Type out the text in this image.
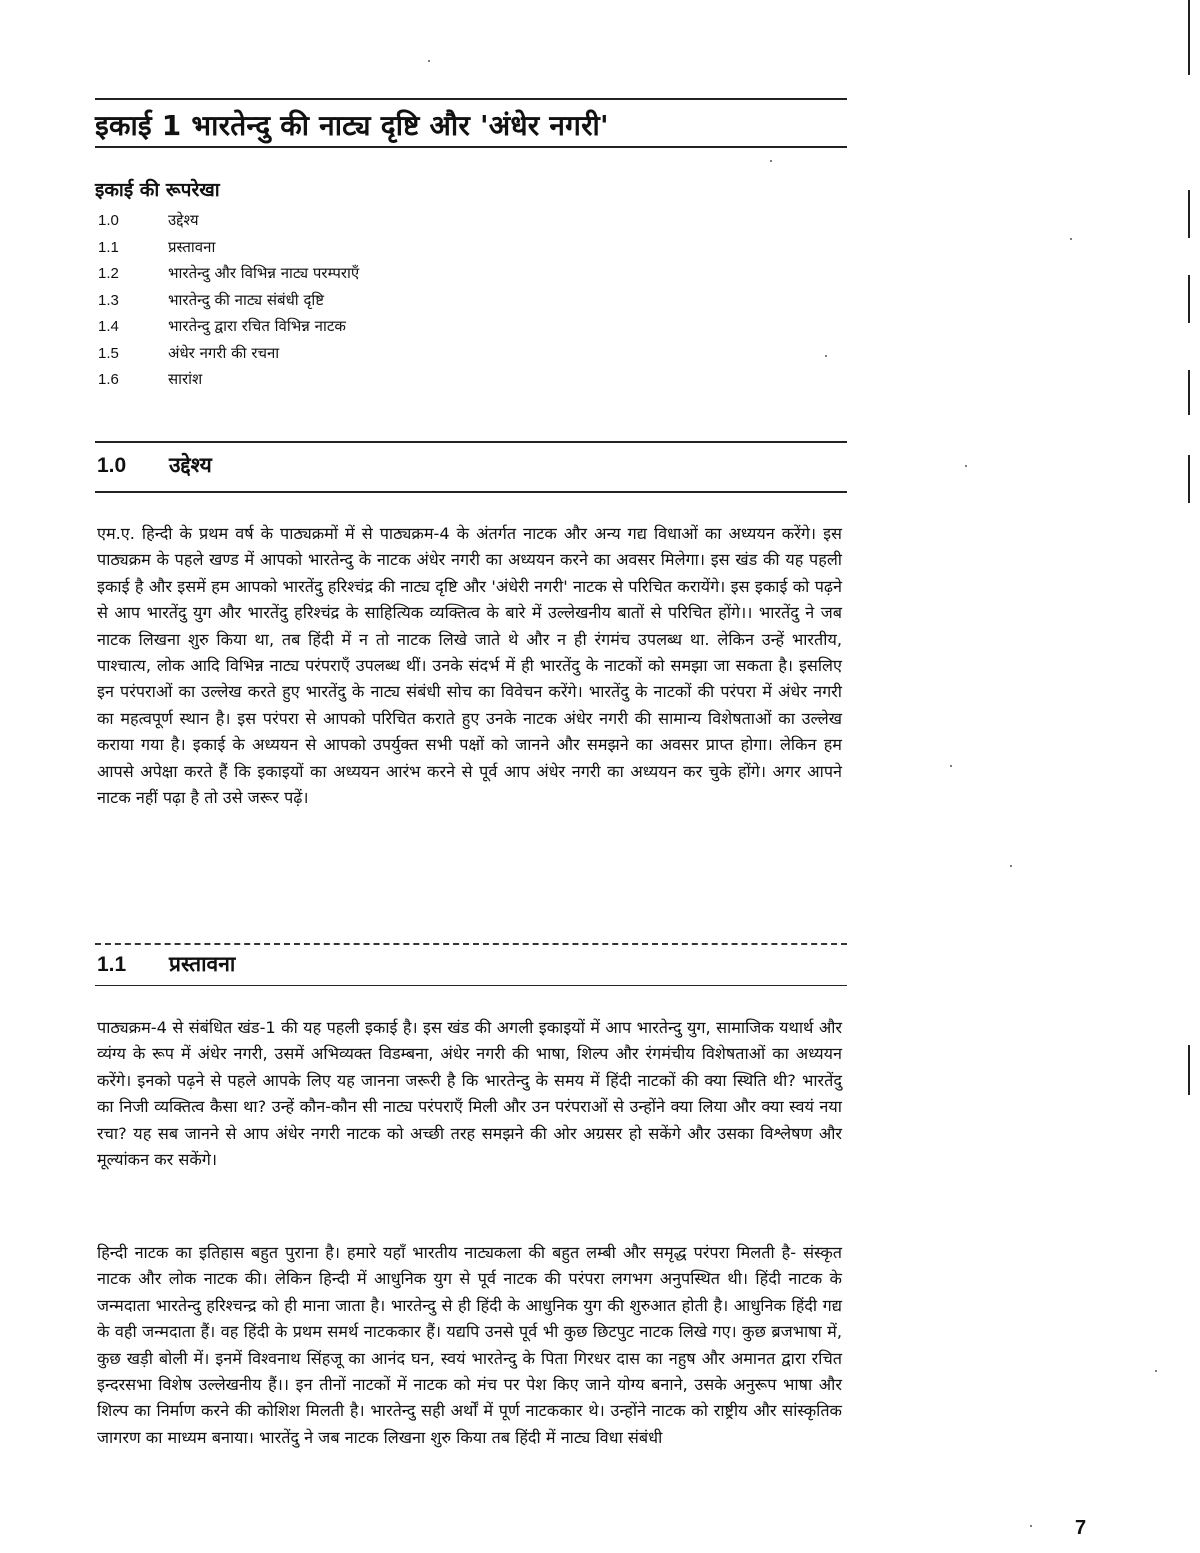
इकाई 1 भारतेन्दु की नाट्य दृष्टि और 'अंधेर नगरी'
इकाई की रूपरेखा
1.0	उद्देश्य
1.1	प्रस्तावना
1.2	भारतेन्दु और विभिन्न नाट्य परम्पराएँ
1.3	भारतेन्दु की नाट्य संबंधी दृष्टि
1.4	भारतेन्दु द्वारा रचित विभिन्न नाटक
1.5	अंधेर नगरी की रचना
1.6	सारांश
1.0 उद्देश्य

एम.ए. हिन्दी के प्रथम वर्ष के पाठ्यक्रमों में से पाठ्यक्रम-4 के अंतर्गत नाटक और अन्य गद्य विधाओं का अध्ययन करेंगे। इस पाठ्यक्रम के पहले खण्ड में आपको भारतेन्दु के नाटक अंधेर नगरी का अध्ययन करने का अवसर मिलेगा। इस खंड की यह पहली इकाई है और इसमें हम आपको भारतेंदु हरिश्चंद्र की नाट्य दृष्टि और 'अंधेरी नगरी' नाटक से परिचित करायेंगे। इस इकाई को पढ़ने से आप भारतेंदु युग और भारतेंदु हरिश्चंद्र के साहित्यिक व्यक्तित्व के बारे में उल्लेखनीय बातों से परिचित होंगे।। भारतेंदु ने जब नाटक लिखना शुरु किया था, तब हिंदी में न तो नाटक लिखे जाते थे और न ही रंगमंच उपलब्ध था. लेकिन उन्हें भारतीय, पाश्चात्य, लोक आदि विभिन्न नाट्य परंपराएँ उपलब्ध थीं। उनके संदर्भ में ही भारतेंदु के नाटकों को समझा जा सकता है। इसलिए इन परंपराओं का उल्लेख करते हुए भारतेंदु के नाट्य संबंधी सोच का विवेचन करेंगे। भारतेंदु के नाटकों की परंपरा में अंधेर नगरी का महत्वपूर्ण स्थान है। इस परंपरा से आपको परिचित कराते हुए उनके नाटक अंधेर नगरी की सामान्य विशेषताओं का उल्लेख कराया गया है। इकाई के अध्ययन से आपको उपर्युक्त सभी पक्षों को जानने और समझने का अवसर प्राप्त होगा। लेकिन हम आपसे अपेक्षा करते हैं कि इकाइयों का अध्ययन आरंभ करने से पूर्व आप अंधेर नगरी का अध्ययन कर चुके होंगे। अगर आपने नाटक नहीं पढ़ा है तो उसे जरूर पढ़ें।

1.1 प्रस्तावना

पाठ्यक्रम-4 से संबंधित खंड-1 की यह पहली इकाई है। इस खंड की अगली इकाइयों में आप भारतेन्दु युग, सामाजिक यथार्थ और व्यंग्य के रूप में अंधेर नगरी, उसमें अभिव्यक्त विडम्बना, अंधेर नगरी की भाषा, शिल्प और रंगमंचीय विशेषताओं का अध्ययन करेंगे। इनको पढ़ने से पहले आपके लिए यह जानना जरूरी है कि भारतेन्दु के समय में हिंदी नाटकों की क्या स्थिति थी? भारतेंदु का निजी व्यक्तित्व कैसा था? उन्हें कौन-कौन सी नाट्य परंपराएँ मिली और उन परंपराओं से उन्होंने क्या लिया और क्या स्वयं नया रचा? यह सब जानने से आप अंधेर नगरी नाटक को अच्छी तरह समझने की ओर अग्रसर हो सकेंगे और उसका विश्लेषण और मूल्यांकन कर सकेंगे।

हिन्दी नाटक का इतिहास बहुत पुराना है। हमारे यहाँ भारतीय नाट्यकला की बहुत लम्बी और समृद्ध परंपरा मिलती है- संस्कृत नाटक और लोक नाटक की। लेकिन हिन्दी में आधुनिक युग से पूर्व नाटक की परंपरा लगभग अनुपस्थित थी। हिंदी नाटक के जन्मदाता भारतेन्दु हरिश्चन्द्र को ही माना जाता है। भारतेन्दु से ही हिंदी के आधुनिक युग की शुरुआत होती है। आधुनिक हिंदी गद्य के वही जन्मदाता हैं। वह हिंदी के प्रथम समर्थ नाटककार हैं। यद्यपि उनसे पूर्व भी कुछ छिटपुट नाटक लिखे गए। कुछ ब्रजभाषा में, कुछ खड़ी बोली में। इनमें विश्वनाथ सिंहजू का आनंद घन, स्वयं भारतेन्दु के पिता गिरधर दास का नहुष और अमानत द्वारा रचित इन्दरसभा विशेष उल्लेखनीय हैं।। इन तीनों नाटकों में नाटक को मंच पर पेश किए जाने योग्य बनाने, उसके अनुरूप भाषा और शिल्प का निर्माण करने की कोशिश मिलती है। भारतेन्दु सही अर्थों में पूर्ण नाटककार थे। उन्होंने नाटक को राष्ट्रीय और सांस्कृतिक जागरण का माध्यम बनाया। भारतेंदु ने जब नाटक लिखना शुरु किया तब हिंदी में नाट्य विधा संबंधी

7
